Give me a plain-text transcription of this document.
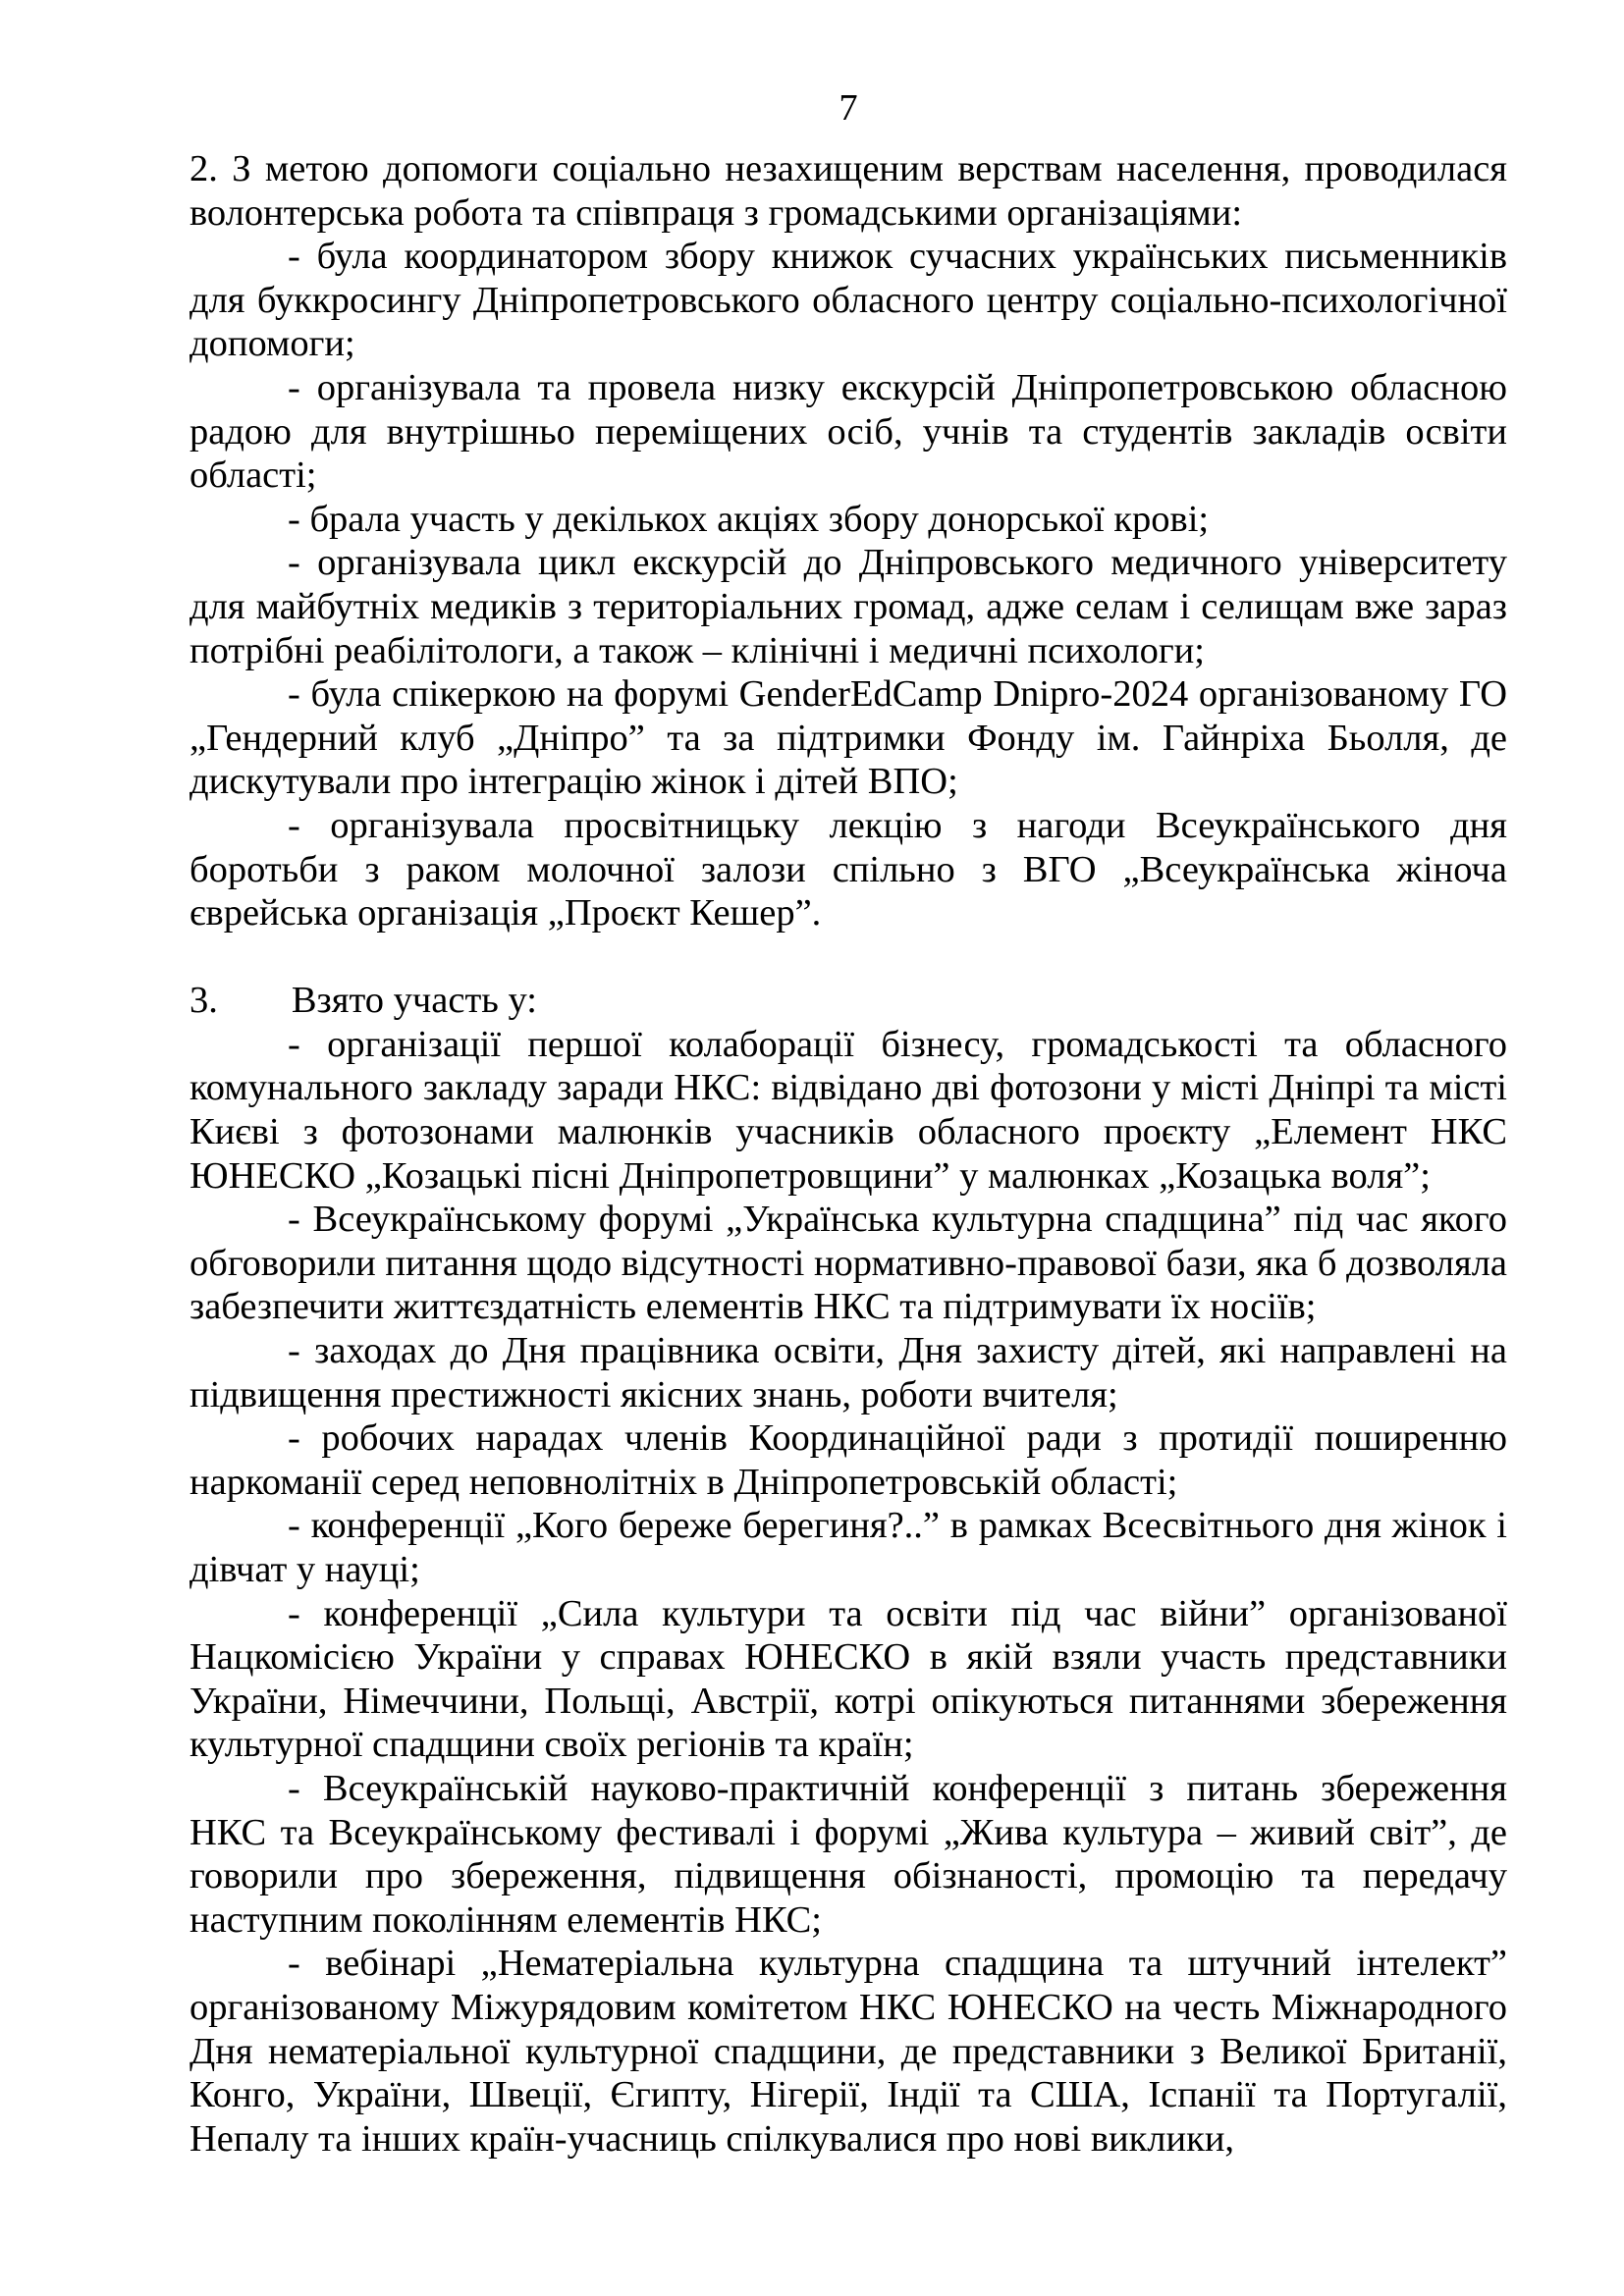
7

2. З метою допомоги соціально незахищеним верствам населення, проводилася волонтерська робота та співпраця з громадськими організаціями:

- була координатором збору книжок сучасних українських письменників для буккросингу Дніпропетровського обласного центру соціально-психологічної допомоги;

- організувала та провела низку екскурсій Дніпропетровською обласною радою для внутрішньо переміщених осіб, учнів та студентів закладів освіти області;

- брала участь у декількох акціях збору донорської крові;

- організувала цикл екскурсій до Дніпровського медичного університету для майбутніх медиків з територіальних громад, адже селам і селищам вже зараз потрібні реабілітологи, а також – клінічні і медичні психологи;

- була спікеркою на форумі GenderEdCamp Dnipro-2024 організованому ГО „Гендерний клуб „Дніпро” та за підтримки Фонду ім. Гайнріха Бьолля, де дискутували про інтеграцію жінок і дітей ВПО;

- організувала просвітницьку лекцію з нагоди Всеукраїнського дня боротьби з раком молочної залози спільно з ВГО „Всеукраїнська жіноча єврейська організація „Проєкт Кешер”.

3. Взято участь у:

- організації першої колаборації бізнесу, громадськості та обласного комунального закладу заради НКС: відвідано дві фотозони у місті Дніпрі та місті Києві з фотозонами малюнків учасників обласного проєкту „Елемент НКС ЮНЕСКО „Козацькі пісні Дніпропетровщини” у малюнках „Козацька воля”;

- Всеукраїнському форумі „Українська культурна спадщина” під час якого обговорили питання щодо відсутності нормативно-правової бази, яка б дозволяла забезпечити життєздатність елементів НКС та підтримувати їх носіїв;

- заходах до Дня працівника освіти, Дня захисту дітей, які направлені на підвищення престижності якісних знань, роботи вчителя;

- робочих нарадах членів Координаційної ради з протидії поширенню наркоманії серед неповнолітніх в Дніпропетровській області;

- конференції „Кого береже берегиня?..” в рамках Всесвітнього дня жінок і дівчат у науці;

- конференції „Сила культури та освіти під час війни” організованої Нацкомісією України у справах ЮНЕСКО в якій взяли участь представники України, Німеччини, Польщі, Австрії, котрі опікуються питаннями збереження культурної спадщини своїх регіонів та країн;

- Всеукраїнській науково-практичній конференції з питань збереження НКС та Всеукраїнському фестивалі і форумі „Жива культура – живий світ”, де говорили про збереження, підвищення обізнаності, промоцію та передачу наступним поколінням елементів НКС;

- вебінарі „Нематеріальна культурна спадщина та штучний інтелект” організованому Міжурядовим комітетом НКС ЮНЕСКО на честь Міжнародного Дня нематеріальної культурної спадщини, де представники з Великої Британії, Конго, України, Швеції, Єгипту, Нігерії, Індії та США, Іспанії та Португалії, Непалу та інших країн-учасниць спілкувалися про нові виклики,
